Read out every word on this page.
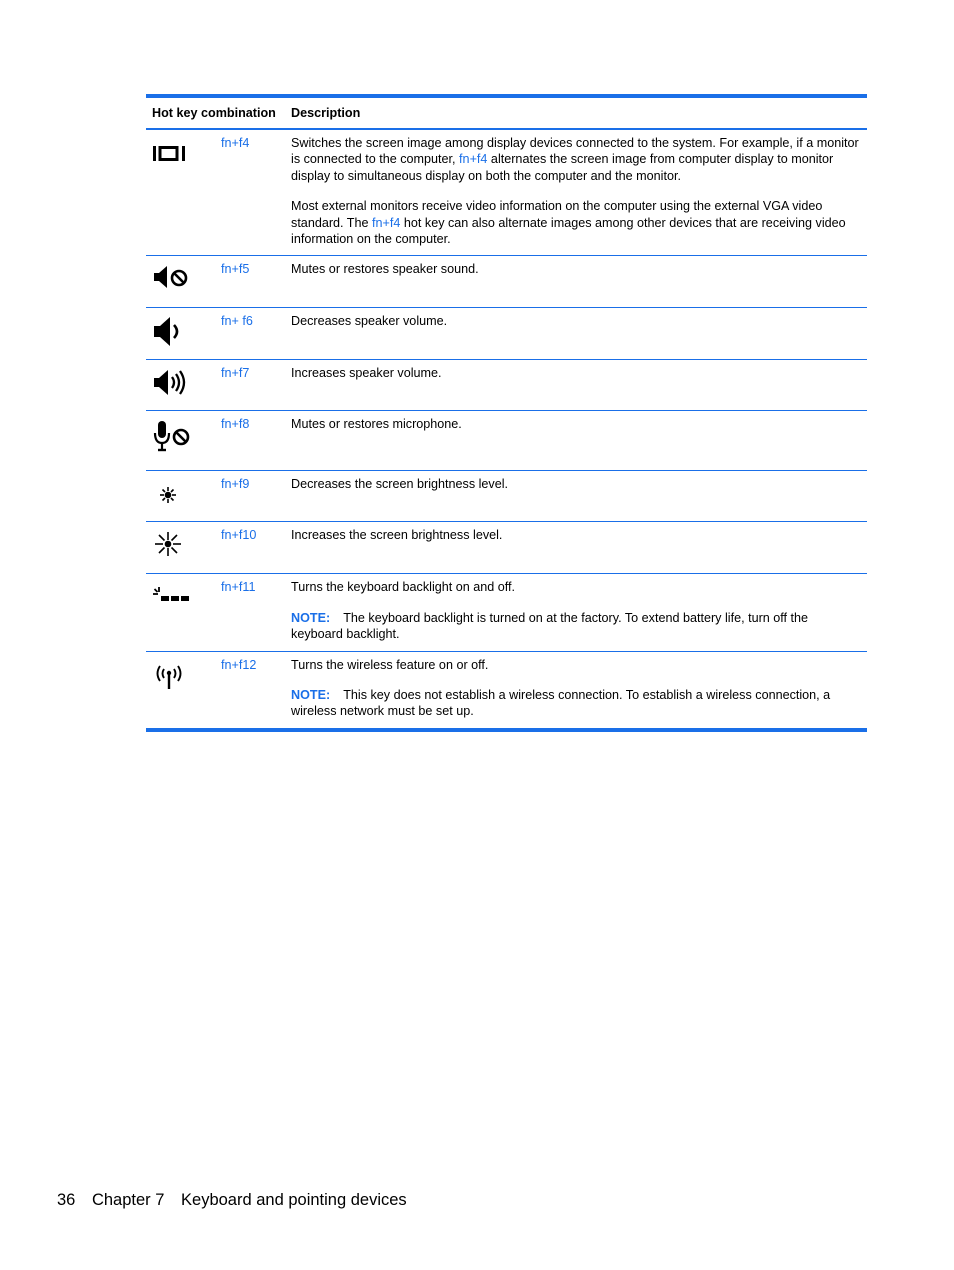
Hot key combination		Description

	fn+f4	Switches the screen image among display devices connected to the system. For example, if a monitor is connected to the computer, fn+f4 alternates the screen image from computer display to monitor display to simultaneous display on both the computer and the monitor.

Most external monitors receive video information on the computer using the external VGA video standard. The fn+f4 hot key can also alternate images among other devices that are receiving video information on the computer.

	fn+f5	Mutes or restores speaker sound.

	fn+ f6	Decreases speaker volume.

	fn+f7	Increases speaker volume.

	fn+f8	Mutes or restores microphone.

	fn+f9	Decreases the screen brightness level.

	fn+f10	Increases the screen brightness level.

	fn+f11	Turns the keyboard backlight on and off.

NOTE: The keyboard backlight is turned on at the factory. To extend battery life, turn off the keyboard backlight.

	fn+f12	Turns the wireless feature on or off.

NOTE: This key does not establish a wireless connection. To establish a wireless connection, a wireless network must be set up.

36 Chapter 7 Keyboard and pointing devices
